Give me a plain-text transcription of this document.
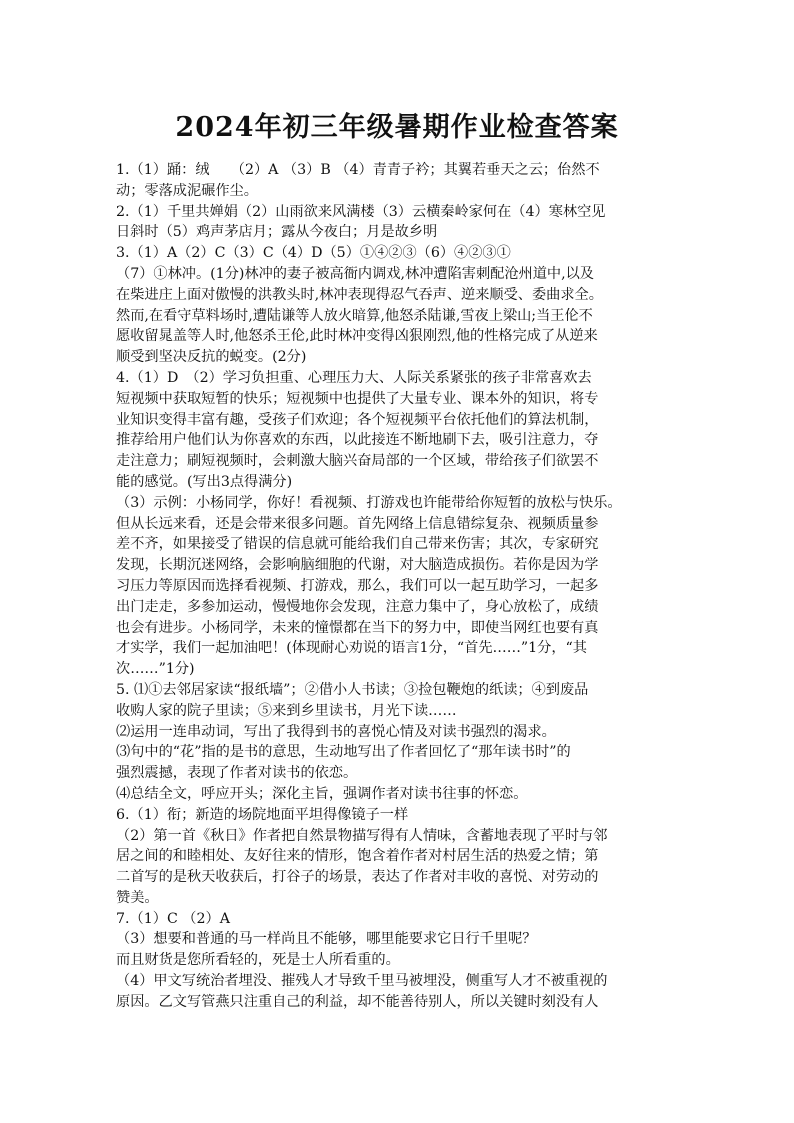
2024年初三年级暑期作业检查答案
1.（1）踊：绒　　（2）A （3）B （4）青青子衿；其翼若垂天之云；佁然不
动；零落成泥碾作尘。
2.（1）千里共婵娟（2）山雨欲来风满楼（3）云横秦岭家何在（4）寒林空见
日斜时（5）鸡声茅店月；露从今夜白；月是故乡明
3.（1）A（2）C（3）C（4）D（5）①④②③（6）④②③①
（7）①林冲。(1分)林冲的妻子被高衙内调戏,林冲遭陷害刺配沧州道中,以及
在柴进庄上面对傲慢的洪教头时,林冲表现得忍气吞声、逆来顺受、委曲求全。
然而,在看守草料场时,遭陆谦等人放火暗算,他怒杀陆谦,雪夜上梁山;当王伦不
愿收留晁盖等人时,他怒杀王伦,此时林冲变得凶狠刚烈,他的性格完成了从逆来
顺受到坚决反抗的蜕变。(2分)
4.（1）D　（2）学习负担重、心理压力大、人际关系紧张的孩子非常喜欢去
短视频中获取短暂的快乐；短视频中也提供了大量专业、课本外的知识，将专
业知识变得丰富有趣，受孩子们欢迎；各个短视频平台依托他们的算法机制，
推荐给用户他们认为你喜欢的东西，以此接连不断地刷下去，吸引注意力，夺
走注意力；刷短视频时，会刺激大脑兴奋局部的一个区域，带给孩子们欲罢不
能的感觉。(写出3点得满分)
（3）示例：小杨同学，你好！看视频、打游戏也许能带给你短暂的放松与快乐。
但从长远来看，还是会带来很多问题。首先网络上信息错综复杂、视频质量参
差不齐，如果接受了错误的信息就可能给我们自己带来伤害；其次，专家研究
发现，长期沉迷网络，会影响脑细胞的代谢，对大脑造成损伤。若你是因为学
习压力等原因而选择看视频、打游戏，那么，我们可以一起互助学习，一起多
出门走走，多参加运动，慢慢地你会发现，注意力集中了，身心放松了，成绩
也会有进步。小杨同学，未来的憧憬都在当下的努力中，即使当网红也要有真
才实学，我们一起加油吧！(体现耐心劝说的语言1分，“首先……”1分，“其
次……”1分)
5. ⑴①去邻居家读“报纸墙”；②借小人书读；③捡包鞭炮的纸读；④到废品
收购人家的院子里读；⑤来到乡里读书，月光下读……
⑵运用一连串动词，写出了我得到书的喜悦心情及对读书强烈的渴求。
⑶句中的“花”指的是书的意思，生动地写出了作者回忆了“那年读书时”的
强烈震撼，表现了作者对读书的依恋。
⑷总结全文，呼应开头；深化主旨，强调作者对读书往事的怀恋。
6.（1）衔；新造的场院地面平坦得像镜子一样
（2）第一首《秋日》作者把自然景物描写得有人情味，含蓄地表现了平时与邻
居之间的和睦相处、友好往来的情形，饱含着作者对村居生活的热爱之情；第
二首写的是秋天收获后，打谷子的场景，表达了作者对丰收的喜悦、对劳动的
赞美。
7.（1）C （2）A
（3）想要和普通的马一样尚且不能够，哪里能要求它日行千里呢？
而且财货是您所看轻的，死是士人所看重的。
（4）甲文写统治者埋没、摧残人才导致千里马被埋没，侧重写人才不被重视的
原因。乙文写管燕只注重自己的利益，却不能善待别人，所以关键时刻没有人
